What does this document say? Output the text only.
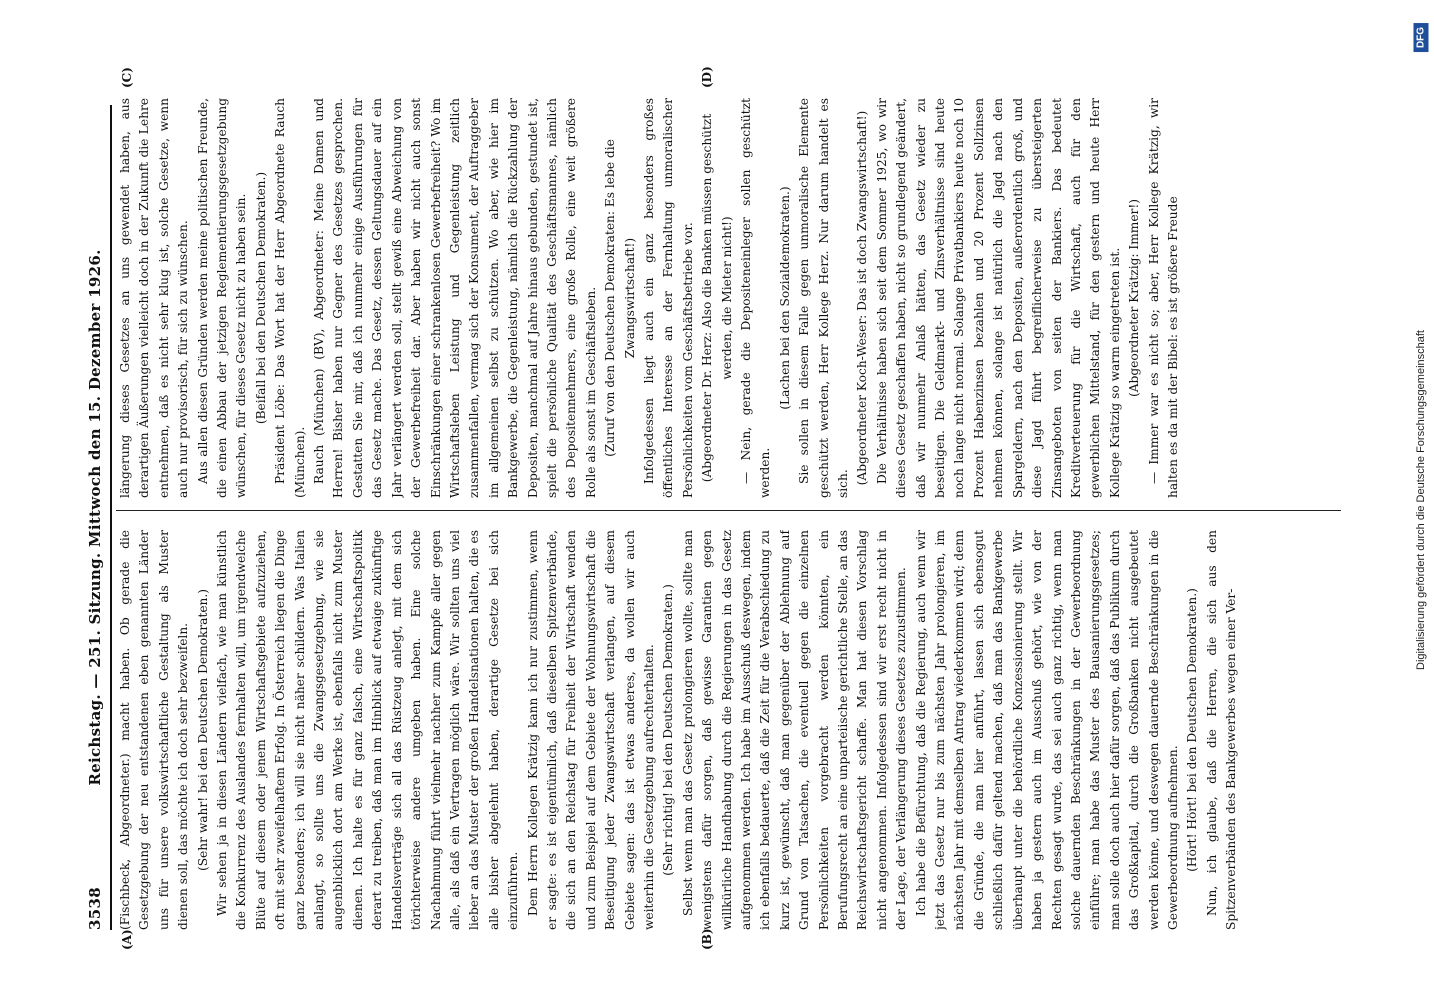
3538
Reichstag. — 251. Sitzung. Mittwoch den 15. Dezember 1926.
(A)	(B)
(C)	(D)

(Fischbeck, Abgeordneter.) macht haben. Ob gerade die Gesetzgebung der neu entstandenen eben genannten Länder uns für unsere volkswirtschaftliche Gestaltung als Muster dienen soll, das möchte ich doch sehr bezweifeln. (Sehr wahr! bei den Deutschen Demokraten.) Wir sehen ja in diesen Ländern vielfach, wie man künstlich die Konkurrenz des Auslandes fernhalten will, um irgendwelche Blüte auf diesem oder jenem Wirtschaftsgebiete aufzuziehen, oft mit sehr zweifelhaftem Erfolg. In Österreich liegen die Dinge ganz besonders; ich will sie nicht näher schildern. Was Italien anlangt, so sollte uns die Zwangsgesetzgebung, wie sie augenblicklich dort am Werke ist, ebenfalls nicht zum Muster dienen. Ich halte es für ganz falsch, eine Wirtschaftspolitik derart zu treiben, daß man im Hinblick auf etwaige zukünftige Handelsverträge sich all das Rüstzeug anlegt, mit dem sich törichterweise andere umgeben haben. Eine solche Nachahmung führt vielmehr nachher zum Kampfe aller gegen alle, als daß ein Vertragen möglich wäre. Wir sollten uns viel lieber an das Muster der großen Handelsnationen halten, die es alle bisher abgelehnt haben, derartige Gesetze bei sich einzuführen. Dem Herrn Kollegen Krätzig kann ich nur zustimmen, wenn er sagte: es ist eigentümlich, daß dieselben Spitzenverbände, die sich an den Reichstag für Freiheit der Wirtschaft wenden und zum Beispiel auf dem Gebiete der Wohnungswirtschaft die Beseitigung jeder Zwangswirtschaft verlangen, auf diesem Gebiete sagen: das ist etwas anderes, da wollen wir auch weiterhin die Gesetzgebung aufrechterhalten. (Sehr richtig! bei den Deutschen Demokraten.) Selbst wenn man das Gesetz prolongieren wollte, sollte man wenigstens dafür sorgen, daß gewisse Garantien gegen willkürliche Handhabung durch die Regierungen in das Gesetz aufgenommen werden. Ich habe im Ausschuß deswegen, indem ich ebenfalls bedauerte, daß die Zeit für die Verabschiedung zu kurz ist, gewünscht, daß man gegenüber der Ablehnung auf Grund von Tatsachen, die eventuell gegen die einzelnen Persönlichkeiten vorgebracht werden könnten, ein Berufungsrecht an eine unparteiische gerichtliche Stelle, an das Reichswirtschaftsgericht schaffe. Man hat diesen Vorschlag nicht angenommen. Infolgedessen sind wir erst recht nicht in der Lage, der Verlängerung dieses Gesetzes zuzustimmen. Ich habe die Befürchtung, daß die Regierung, auch wenn wir jetzt das Gesetz nur bis zum nächsten Jahr prolongieren, im nächsten Jahr mit demselben Antrag wiederkommen wird; denn die Gründe, die man hier anführt, lassen sich ebensogut schließlich dafür geltend machen, daß man das Bankgewerbe überhaupt unter die behördliche Konzessionierung stellt. Wir haben ja gestern auch im Ausschuß gehört, wie von der Rechten gesagt wurde, das sei auch ganz richtig, wenn man solche dauernden Beschränkungen in der Gewerbeordnung einführe; man habe das Muster des Bausanierungsgesetzes; man solle doch auch hier dafür sorgen, daß das Publikum durch das Großkapital, durch die Großbanken nicht ausgebeutet werden könne, und deswegen dauernde Beschränkungen in die Gewerbeordnung aufnehmen. (Hört! Hört! bei den Deutschen Demokraten.) Nun, ich glaube, daß die Herren, die sich aus den Spitzenverbänden des Bankgewerbes wegen einer Ver-

längerung dieses Gesetzes an uns gewendet haben, aus derartigen Äußerungen vielleicht doch in der Zukunft die Lehre entnehmen, daß es nicht sehr klug ist, solche Gesetze, wenn auch nur provisorisch, für sich zu wünschen. Aus allen diesen Gründen werden meine politischen Freunde, die einen Abbau der jetzigen Reglementierungsgesetzgebung wünschen, für dieses Gesetz nicht zu haben sein. (Beifall bei den Deutschen Demokraten.) Präsident Löbe: Das Wort hat der Herr Abgeordnete Rauch (München). Rauch (München) (BV), Abgeordneter: Meine Damen und Herren! Bisher haben nur Gegner des Gesetzes gesprochen. Gestatten Sie mir, daß ich nunmehr einige Ausführungen für das Gesetz mache. Das Gesetz, dessen Geltungsdauer auf ein Jahr verlängert werden soll, stellt gewiß eine Abweichung von der Gewerbefreiheit dar. Aber haben wir nicht auch sonst Einschränkungen einer schrankenlosen Gewerbefreiheit? Wo im Wirtschaftsleben Leistung und Gegenleistung zeitlich zusammenfallen, vermag sich der Konsument, der Auftraggeber im allgemeinen selbst zu schützen. Wo aber, wie hier im Bankgewerbe, die Gegenleistung, nämlich die Rückzahlung der Depositen, manchmal auf Jahre hinaus gebunden, gestundet ist, spielt die persönliche Qualität des Geschäftsmannes, nämlich des Depositennehmers, eine große Rolle, eine weit größere Rolle als sonst im Geschäftsleben. (Zuruf von den Deutschen Demokraten: Es lebe die Zwangswirtschaft!) Infolgedessen liegt auch ein ganz besonders großes öffentliches Interesse an der Fernhaltung unmoralischer Persönlichkeiten vom Geschäftsbetriebe vor. (Abgeordneter Dr. Herz: Also die Banken müssen geschützt werden, die Mieter nicht!) — Nein, gerade die Depositeneinleger sollen geschützt werden.

(Lachen bei den Sozialdemokraten.) Sie sollen in diesem Falle gegen unmoralische Elemente geschützt werden, Herr Kollege Herz. Nur darum handelt es sich. (Abgeordneter Koch-Weser: Das ist doch Zwangswirtschaft!) Die Verhältnisse haben sich seit dem Sommer 1925, wo wir dieses Gesetz geschaffen haben, nicht so grundlegend geändert, daß wir nunmehr Anlaß hätten, das Gesetz wieder zu beseitigen. Die Geldmarkt- und Zinsverhältnisse sind heute noch lange nicht normal. Solange Privatbankiers heute noch 10 Prozent Habenzinsen bezahlen und 20 Prozent Sollzinsen nehmen können, solange ist natürlich die Jagd nach den Spargeldern, nach den Depositen, außerordentlich groß, und diese Jagd führt begreiflicherweise zu übersteigerten Zinsangeboten von seiten der Bankiers. Das bedeutet Kreditverteuerung für die Wirtschaft, auch für den gewerblichen Mittelstand, für den gestern und heute Herr Kollege Krätzig so warm eingetreten ist. (Abgeordneter Krätzig: Immer!) — Immer war es nicht so; aber, Herr Kollege Krätzig, wir halten es da mit der Bibel: es ist größere Freude

DFG
Digitalisierung gefördert durch die Deutsche Forschungsgemeinschaft
